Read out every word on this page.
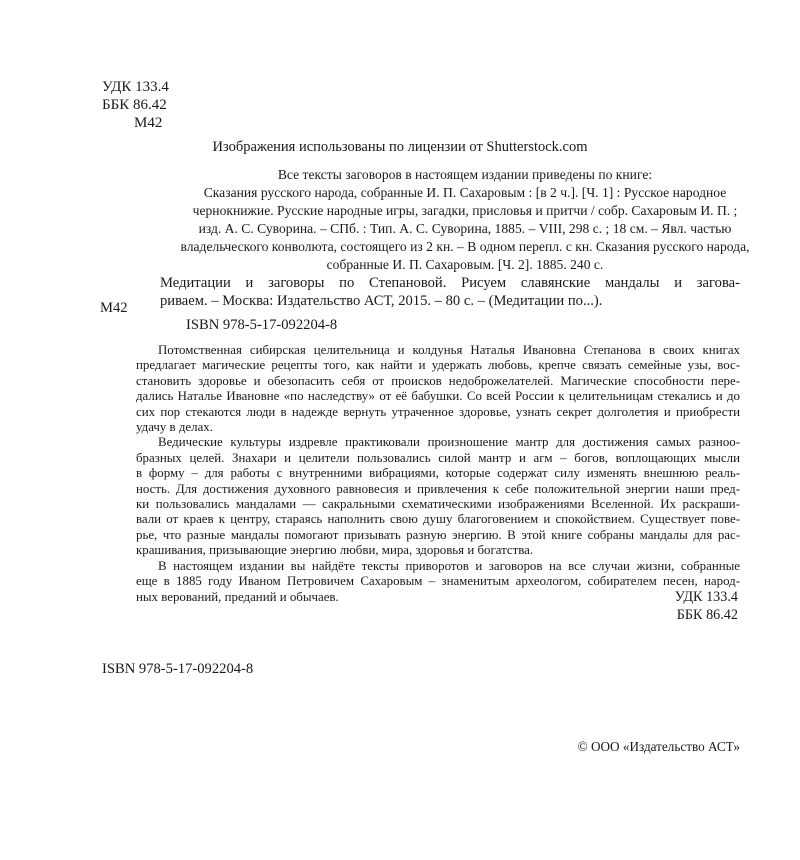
УДК 133.4
ББК 86.42
М42
Изображения использованы по лицензии от Shutterstock.com
Все тексты заговоров в настоящем издании приведены по книге:
Сказания русского народа, собранные И. П. Сахаровым : [в 2 ч.]. [Ч. 1] : Русское народное
чернокнижие. Русские народные игры, загадки, присловья и притчи / собр. Сахаровым И. П. ;
изд. А. С. Суворина. – СПб. : Тип. А. С. Суворина, 1885. – VIII, 298 с. ; 18 см. – Явл. частью
владельческого конволюта, состоящего из 2 кн. – В одном перепл. с кн. Сказания русского народа,
собранные И. П. Сахаровым. [Ч. 2]. 1885. 240 с.
Медитации и заговоры по Степановой. Рисуем славянские мандалы и загова-
риваем. – Москва: Издательство АСТ, 2015. – 80 с. – (Медитации по...).
М42
ISBN 978-5-17-092204-8

Потомственная сибирская целительница и колдунья Наталья Ивановна Степанова в своих книгах
предлагает магические рецепты того, как найти и удержать любовь, крепче связать семейные узы, вос-
становить здоровье и обезопасить себя от происков недоброжелателей. Магические способности пере-
дались Наталье Ивановне «по наследству» от её бабушки. Со всей России к целительницам стекались и до
сих пор стекаются люди в надежде вернуть утраченное здоровье, узнать секрет долголетия и приобрести
удачу в делах.

Ведические культуры издревле практиковали произношение мантр для достижения самых разноо-
бразных целей. Знахари и целители пользовались силой мантр и агм – богов, воплощающих мысли
в форму – для работы с внутренними вибрациями, которые содержат силу изменять внешнюю реаль-
ность. Для достижения духовного равновесия и привлечения к себе положительной энергии наши пред-
ки пользовались мандалами — сакральными схематическими изображениями Вселенной. Их раскраши-
вали от краев к центру, стараясь наполнить свою душу благоговением и спокойствием. Существует пове-
рье, что разные мандалы помогают призывать разную энергию. В этой книге собраны мандалы для рас-
крашивания, призывающие энергию любви, мира, здоровья и богатства.

В настоящем издании вы найдёте тексты приворотов и заговоров на все случаи жизни, собранные
еще в 1885 году Иваном Петровичем Сахаровым – знаменитым археологом, собирателем песен, народ-
ных верований, преданий и обычаев.	УДК 133.4
ББК 86.42
ISBN 978-5-17-092204-8
© ООО «Издательство АСТ»
